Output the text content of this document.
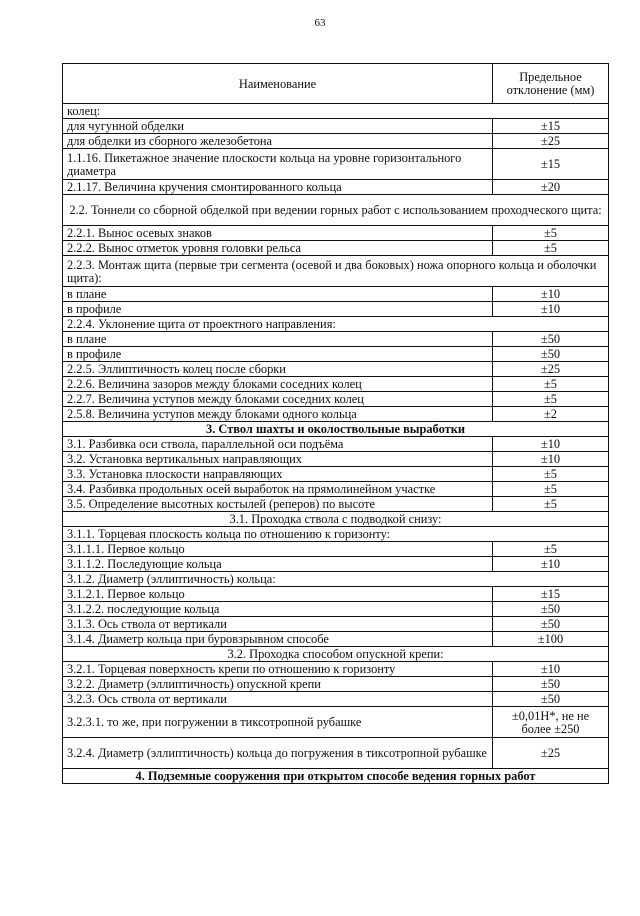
63
Наименование	Предельное отклонение (мм)
колец:	
для чугунной обделки	±15
для обделки из сборного железобетона	±25
1.1.16. Пикетажное значение плоскости кольца на уровне горизонтального диаметра	±15
2.1.17. Величина кручения смонтированного кольца	±20
2.2. Тоннели со сборной обделкой при ведении горных работ с использованием проходческого щита:	
2.2.1. Вынос осевых знаков	±5
2.2.2. Вынос отметок уровня головки рельса	±5
2.2.3. Монтаж щита (первые три сегмента (осевой и два боковых) ножа опорного кольца и оболочки щита):	
в плане	±10
в профиле	±10
2.2.4. Уклонение щита от проектного направления:	
в плане	±50
в профиле	±50
2.2.5. Эллиптичность колец после сборки	±25
2.2.6. Величина зазоров между блоками соседних колец	±5
2.2.7. Величина уступов между блоками соседних колец	±5
2.5.8. Величина уступов между блоками одного кольца	±2
3. Ствол шахты и околоствольные выработки	
3.1. Разбивка оси ствола, параллельной оси подъёма	±10
3.2. Установка вертикальных направляющих	±10
3.3. Установка плоскости направляющих	±5
3.4. Разбивка продольных осей выработок на прямолинейном участке	±5
3.5. Определение высотных костылей (реперов) по высоте	±5
3.1. Проходка ствола с подводкой снизу:	
3.1.1. Торцевая плоскость кольца по отношению к горизонту:	
3.1.1.1. Первое кольцо	±5
3.1.1.2. Последующие кольца	±10
3.1.2. Диаметр (эллиптичность) кольца:	
3.1.2.1. Первое кольцо	±15
3.1.2.2. последующие кольца	±50
3.1.3. Ось ствола от вертикали	±50
3.1.4. Диаметр кольца при буровзрывном способе	±100
3.2. Проходка способом опускной крепи:	
3.2.1. Торцевая поверхность крепи по отношению к горизонту	±10
3.2.2. Диаметр (эллиптичность) опускной крепи	±50
3.2.3. Ось ствола от вертикали	±50
3.2.3.1. то же, при погружении в тиксотропной рубашке	±0,01H*, не не более ±250
3.2.4. Диаметр (эллиптичность) кольца до погружения в тиксотропной рубашке	±25
4. Подземные сооружения при открытом способе ведения горных работ	
